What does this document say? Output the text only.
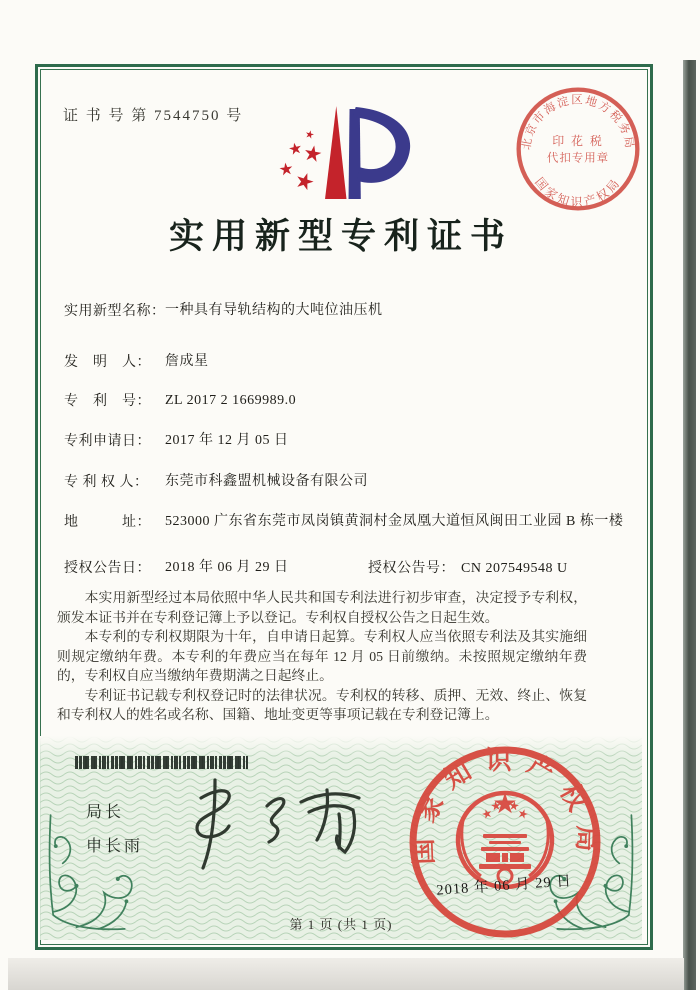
证 书 号 第 7544750 号
北京市海淀区地方税务局
印 花 税
代扣专用章
国家知识产权局
实用新型专利证书
实用新型名称： 一种具有导轨结构的大吨位油压机
发　明　人： 詹成星
专　利　号： ZL 2017 2 1669989.0
专利申请日： 2017 年 12 月 05 日
专 利 权 人： 东莞市科鑫盟机械设备有限公司
地　　　址： 523000 广东省东莞市凤岗镇黄洞村金凤凰大道恒风闽田工业园 B 栋一楼
授权公告日： 2018 年 06 月 29 日	授权公告号： CN 207549548 U

本实用新型经过本局依照中华人民共和国专利法进行初步审查，决定授予专利权，颁发本证书并在专利登记簿上予以登记。专利权自授权公告之日起生效。

本专利的专利权期限为十年，自申请日起算。专利权人应当依照专利法及其实施细则规定缴纳年费。本专利的年费应当在每年 12 月 05 日前缴纳。未按照规定缴纳年费的，专利权自应当缴纳年费期满之日起终止。

专利证书记载专利权登记时的法律状况。专利权的转移、质押、无效、终止、恢复和专利权人的姓名或名称、国籍、地址变更等事项记载在专利登记簿上。

局长
申长雨	国家知识产权局
2018 年 06 月 29 日
第 1 页 (共 1 页)
